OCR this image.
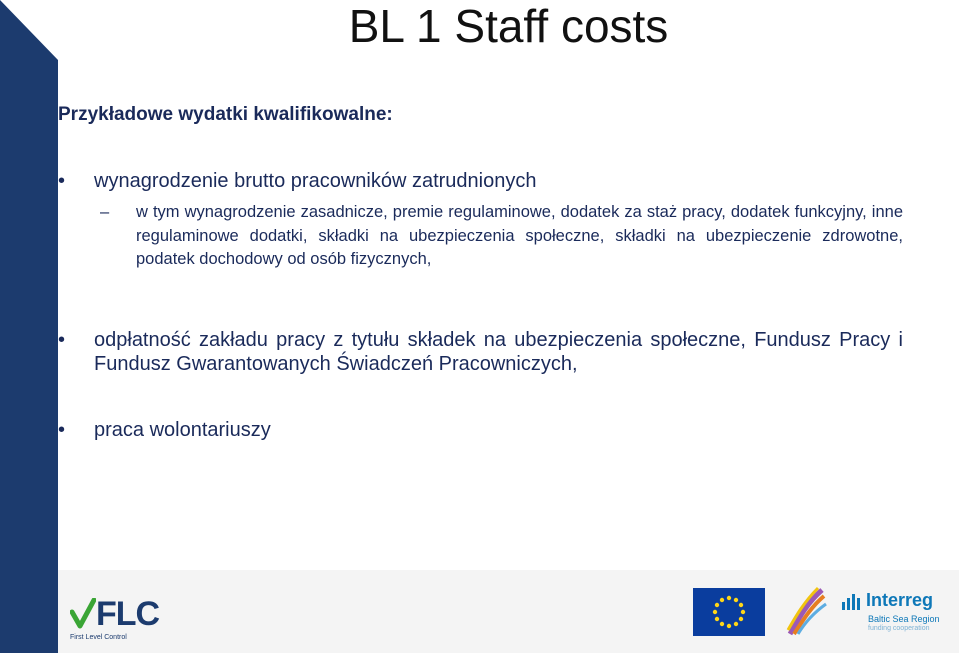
BL 1 Staff costs
Przykładowe wydatki kwalifikowalne:
• wynagrodzenie brutto pracowników zatrudnionych
– w tym wynagrodzenie zasadnicze, premie regulaminowe, dodatek za staż pracy, dodatek funkcyjny, inne regulaminowe dodatki, składki na ubezpieczenia społeczne, składki na ubezpieczenie zdrowotne, podatek dochodowy od osób fizycznych,
• odpłatność zakładu pracy z tytułu składek na ubezpieczenia społeczne, Fundusz Pracy i Fundusz Gwarantowanych Świadczeń Pracowniczych,
• praca wolontariuszy
FLC
First Level Control
Interreg
Baltic Sea Region
funding cooperation
